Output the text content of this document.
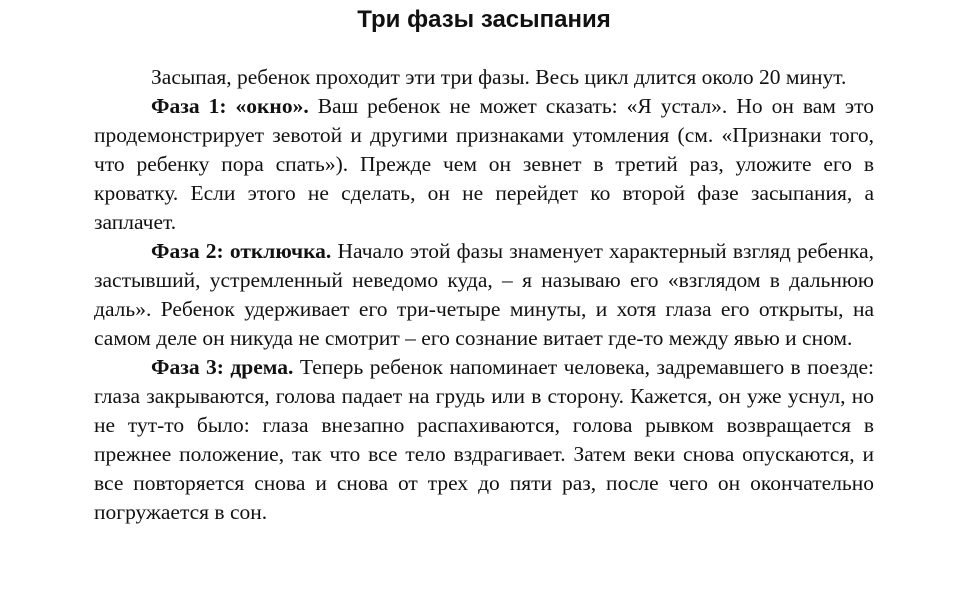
Три фазы засыпания

Засыпая, ребенок проходит эти три фазы. Весь цикл длится около 20 минут.

Фаза 1: «окно». Ваш ребенок не может сказать: «Я устал». Но он вам это продемонстрирует зевотой и другими признаками утомления (см. «Признаки того, что ребенку пора спать»). Прежде чем он зевнет в третий раз, уложите его в кроватку. Если этого не сделать, он не перейдет ко второй фазе засыпания, а заплачет.

Фаза 2: отключка. Начало этой фазы знаменует характерный взгляд ребенка, застывший, устремленный неведомо куда, – я называю его «взглядом в дальнюю даль». Ребенок удерживает его три-четыре минуты, и хотя глаза его открыты, на самом деле он никуда не смотрит – его сознание витает где-то между явью и сном.

Фаза 3: дрема. Теперь ребенок напоминает человека, задремавшего в поезде: глаза закрываются, голова падает на грудь или в сторону. Кажется, он уже уснул, но не тут-то было: глаза внезапно распахиваются, голова рывком возвращается в прежнее положение, так что все тело вздрагивает. Затем веки снова опускаются, и все повторяется снова и снова от трех до пяти раз, после чего он окончательно погружается в сон.
